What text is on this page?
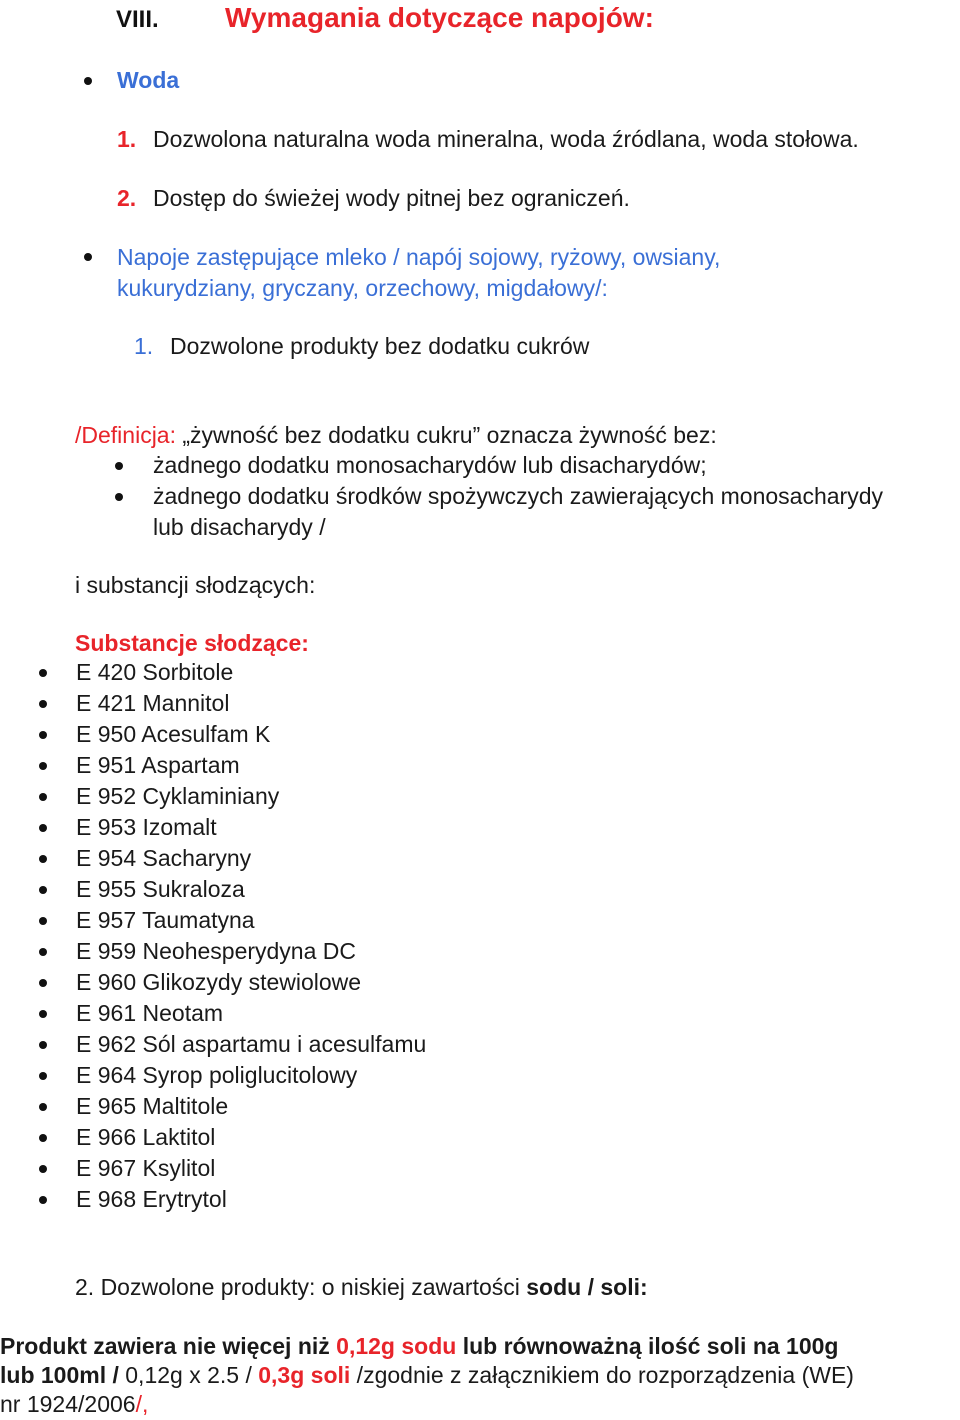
VIII. Wymagania dotyczące napojów:
Woda
1. Dozwolona naturalna woda mineralna, woda źródlana, woda stołowa.
2. Dostęp do świeżej wody pitnej bez ograniczeń.
Napoje zastępujące mleko / napój sojowy, ryżowy, owsiany,
kukurydziany, gryczany, orzechowy, migdałowy/:
1. Dozwolone produkty bez dodatku cukrów
/Definicja: „żywność bez dodatku cukru” oznacza żywność bez:
żadnego dodatku monosacharydów lub disacharydów;
żadnego dodatku środków spożywczych zawierających monosacharydy
lub disacharydy /
i substancji słodzących:
Substancje słodzące:
E 420 Sorbitole
E 421 Mannitol
E 950 Acesulfam K
E 951 Aspartam
E 952 Cyklaminiany
E 953 Izomalt
E 954 Sacharyny
E 955 Sukraloza
E 957 Taumatyna
E 959 Neohesperydyna DC
E 960 Glikozydy stewiolowe
E 961 Neotam
E 962 Sól aspartamu i acesulfamu
E 964 Syrop poliglucitolowy
E 965 Maltitole
E 966 Laktitol
E 967 Ksylitol
E 968 Erytrytol
2. Dozwolone produkty: o niskiej zawartości sodu / soli:
Produkt zawiera nie więcej niż 0,12g sodu lub równoważną ilość soli na 100g
lub 100ml / 0,12g x 2.5 / 0,3g soli /zgodnie z załącznikiem do rozporządzenia (WE)
nr 1924/2006/,
